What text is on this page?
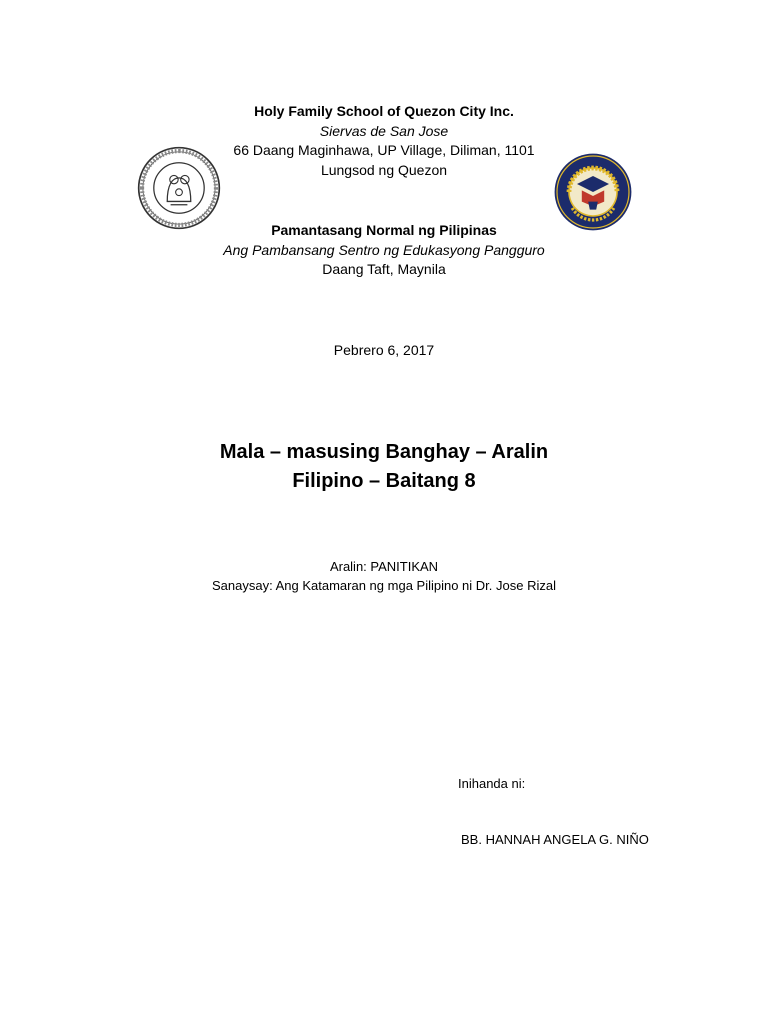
Holy Family School of Quezon City Inc.
Siervas de San Jose
66 Daang Maginhawa, UP Village, Diliman, 1101
Lungsod ng Quezon
Pamantasang Normal ng Pilipinas
Ang Pambansang Sentro ng Edukasyong Pangguro
Daang Taft, Maynila
Pebrero 6, 2017
Mala – masusing Banghay – Aralin
Filipino – Baitang 8
Aralin: PANITIKAN
Sanaysay: Ang Katamaran ng mga Pilipino ni Dr. Jose Rizal
Inihanda ni:
BB. HANNAH ANGELA G. NIÑO
